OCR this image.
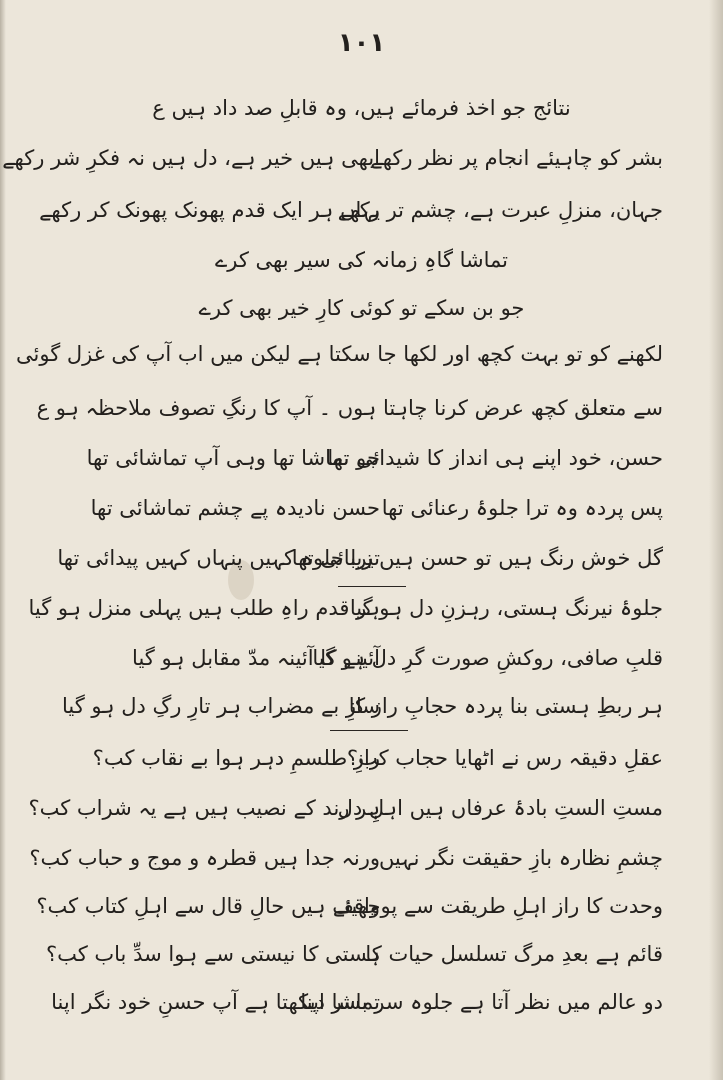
١٠١
نتائج جو اخذ فرمائے ہیں، وہ قابلِ صد داد ہیں ع
بشر کو چاہیئے انجام پر نظر رکھے
ابھی ہیں خیر ہے، دل ہیں نہ فکرِ شر رکھے
جہان، منزلِ عبرت ہے، چشم تر رکھے
یہاں ہر ایک قدم پھونک پھونک کر رکھے
تماشا گاہِ زمانہ کی سیر بھی کرے
جو بن سکے تو کوئی کارِ خیر بھی کرے
لکھنے کو تو بہت کچھ اور لکھا جا سکتا ہے لیکن میں اب آپ کی غزل گوئی
سے متعلق کچھ عرض کرنا چاہتا ہوں ۔ آپ کا رنگِ تصوف ملاحظہ ہو ع
حسن، خود اپنے ہی انداز کا شیدائی تھا
جو تماشا تھا وہی آپ تماشائی تھا
پس پردہ وہ ترا جلوۂ رعنائی تھا
حسن نادیدہ پے چشم تماشائی تھا
گل خوش رنگ ہیں تو حسن ہیں زیبائی تھا
تیرا جلوہ کہیں پنہاں کہیں پیدائی تھا
جلوۂ نیرنگ ہستی، رہزنِ دل ہو گیا
ہر قدم راہِ طلب ہیں پہلی منزل ہو گیا
قلبِ صافی، روکشِ صورت گرِ دل ہو گیا
آئینے کا آئینہ مدّ مقابل ہو گیا
ہر ربطِ ہستی بنا پردہ حجابِ راز کا
سازِ بے مضراب ہر تارِ رگِ دل ہو گیا
عقلِ دقیقہ رس نے اٹھایا حجاب کب؟
رازِ طلسمِ دہر ہوا بے نقاب کب؟
مستِ الستِ بادۂ عرفاں ہیں اہلِ دل
ہر رند کے نصیب ہیں ہے یہ شراب کب؟
چشمِ نظارہ بازِ حقیقت نگر نہیں
ورنہ جدا ہیں قطرہ و موج و حباب کب؟
وحدت کا راز اہلِ طریقت سے پوچھیئے
واقف ہیں حالِ قال سے اہلِ کتاب کب؟
قائم ہے بعدِ مرگ تسلسل حیات کا
ہستی کا نیستی سے ہوا سدِّ باب کب؟
دو عالم میں نظر آتا ہے جلوہ سر بسر اپنا
تماشا دیکھتا ہے آپ حسنِ خود نگر اپنا
